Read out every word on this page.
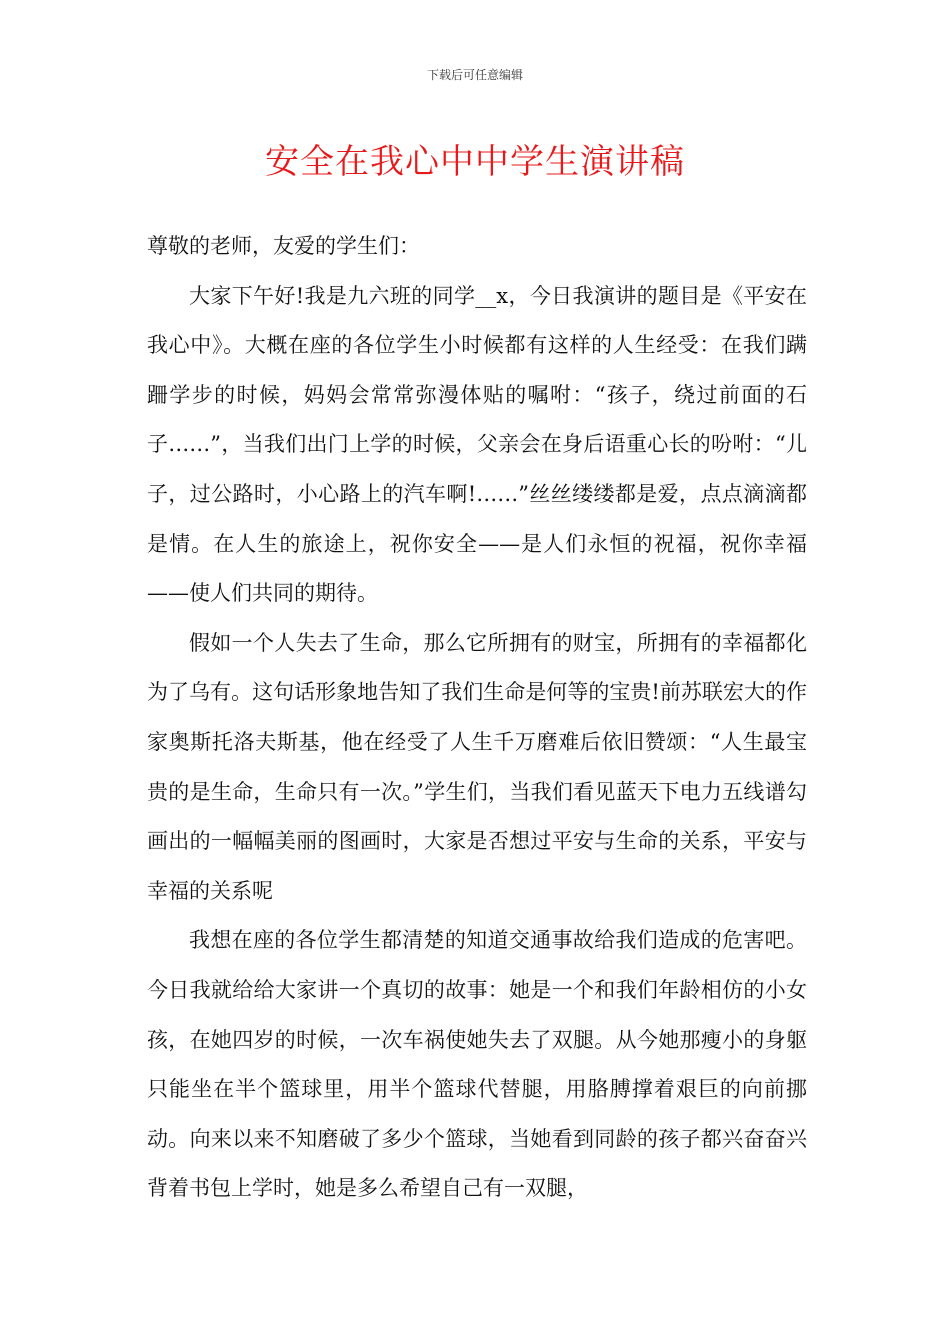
下载后可任意编辑
安全在我心中中学生演讲稿

尊敬的老师，友爱的学生们：

大家下午好!我是九六班的同学__x，今日我演讲的题目是《平安在我心中》。大概在座的各位学生小时候都有这样的人生经受：在我们蹒跚学步的时候，妈妈会常常弥漫体贴的嘱咐：“孩子，绕过前面的石子……”，当我们出门上学的时候，父亲会在身后语重心长的吩咐：“儿子，过公路时，小心路上的汽车啊!……”丝丝缕缕都是爱，点点滴滴都是情。在人生的旅途上，祝你安全——是人们永恒的祝福，祝你幸福——使人们共同的期待。

假如一个人失去了生命，那么它所拥有的财宝，所拥有的幸福都化为了乌有。这句话形象地告知了我们生命是何等的宝贵!前苏联宏大的作家奥斯托洛夫斯基，他在经受了人生千万磨难后依旧赞颂：“人生最宝贵的是生命，生命只有一次。”学生们，当我们看见蓝天下电力五线谱勾画出的一幅幅美丽的图画时，大家是否想过平安与生命的关系，平安与幸福的关系呢

我想在座的各位学生都清楚的知道交通事故给我们造成的危害吧。今日我就给给大家讲一个真切的故事：她是一个和我们年龄相仿的小女孩，在她四岁的时候，一次车祸使她失去了双腿。从今她那瘦小的身躯只能坐在半个篮球里，用半个篮球代替腿，用胳膊撑着艰巨的向前挪动。向来以来不知磨破了多少个篮球，当她看到同龄的孩子都兴奋奋兴背着书包上学时，她是多么希望自己有一双腿，
